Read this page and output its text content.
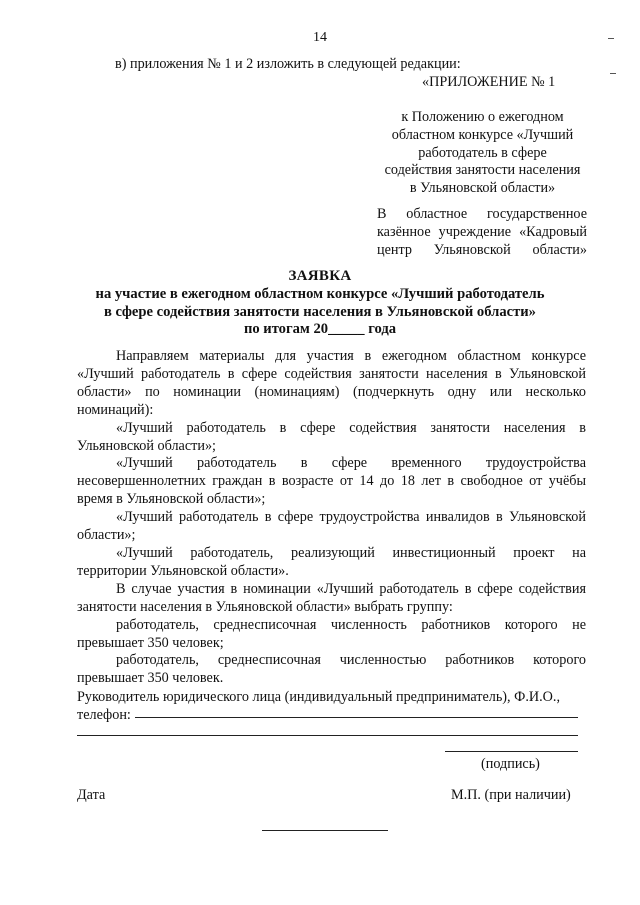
14
в) приложения № 1 и 2 изложить в следующей редакции:
«ПРИЛОЖЕНИЕ № 1
к Положению о ежегодном
областном конкурсе «Лучший
работодатель в сфере
содействия занятости населения
в Ульяновской области»
В областное государственное
казённое учреждение «Кадровый
центр Ульяновской области»
ЗАЯВКА
на участие в ежегодном областном конкурсе «Лучший работодатель
в сфере содействия занятости населения в Ульяновской области»
по итогам 20_____ года

Направляем материалы для участия в ежегодном областном конкурсе «Лучший работодатель в сфере содействия занятости населения в Ульяновской области» по номинации (номинациям) (подчеркнуть одну или несколько номинаций):

«Лучший работодатель в сфере содействия занятости населения в Ульяновской области»;

«Лучший работодатель в сфере временного трудоустройства несовершеннолетних граждан в возрасте от 14 до 18 лет в свободное от учёбы время в Ульяновской области»;

«Лучший работодатель в сфере трудоустройства инвалидов в Ульяновской области»;

«Лучший работодатель, реализующий инвестиционный проект на территории Ульяновской области».

В случае участия в номинации «Лучший работодатель в сфере содействия занятости населения в Ульяновской области» выбрать группу:

работодатель, среднесписочная численность работников которого не превышает 350 человек;

работодатель, среднесписочная численностью работников которого превышает 350 человек.

Руководитель юридического лица (индивидуальный предприниматель), Ф.И.О.,
телефон:
(подпись)
Дата	М.П. (при наличии)
